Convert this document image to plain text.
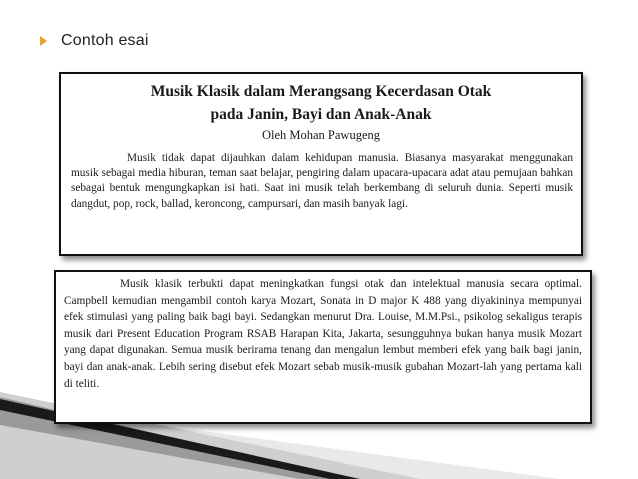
Contoh esai
Musik Klasik dalam Merangsang Kecerdasan Otak
pada Janin, Bayi dan Anak-Anak
Oleh Mohan Pawugeng

Musik tidak dapat dijauhkan dalam kehidupan manusia. Biasanya masyarakat menggunakan musik sebagai media hiburan, teman saat belajar, pengiring dalam upacara-upacara adat atau pemujaan bahkan sebagai bentuk mengungkapkan isi hati. Saat ini musik telah berkembang di seluruh dunia. Seperti musik dangdut, pop, rock, ballad, keroncong, campursari, dan masih banyak lagi.

Musik klasik terbukti dapat meningkatkan fungsi otak dan intelektual manusia secara optimal. Campbell kemudian mengambil contoh karya Mozart, Sonata in D major K 488 yang diyakininya mempunyai efek stimulasi yang paling baik bagi bayi. Sedangkan menurut Dra. Louise, M.M.Psi., psikolog sekaligus terapis musik dari Present Education Program RSAB Harapan Kita, Jakarta, sesungguhnya bukan hanya musik Mozart yang dapat digunakan. Semua musik berirama tenang dan mengalun lembut memberi efek yang baik bagi janin, bayi dan anak-anak. Lebih sering disebut efek Mozart sebab musik-musik gubahan Mozart-lah yang pertama kali di teliti.
